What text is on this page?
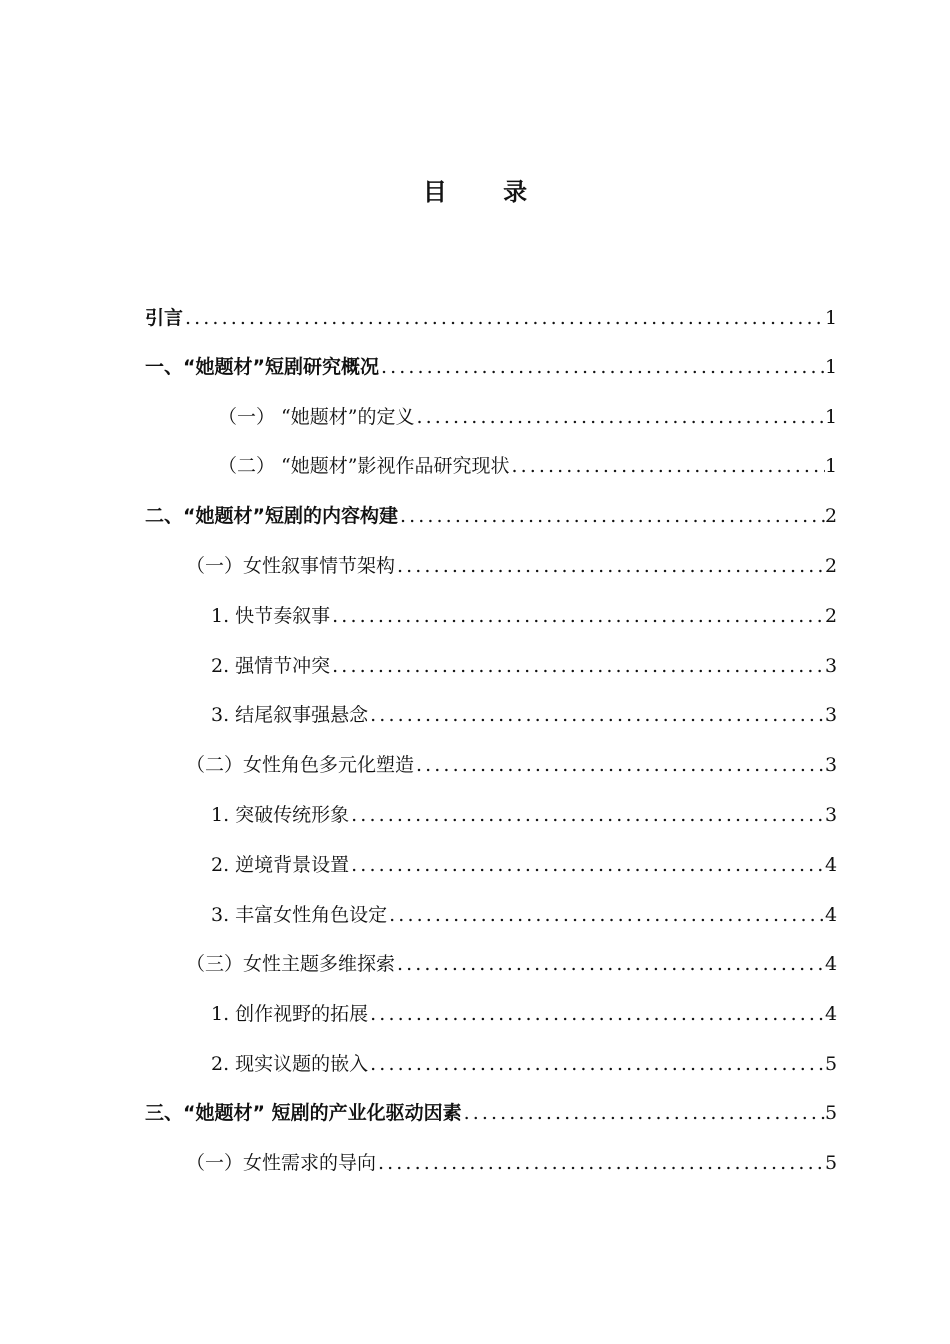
目 录
引言 .....	1
一、“她题材”短剧研究概况 .....	1
（一） “她题材”的定义 .....	1
（二） “她题材”影视作品研究现状 .....	1
二、“她题材”短剧的内容构建 .....	2
（一）女性叙事情节架构 .....	2
1. 快节奏叙事 .....	2
2. 强情节冲突 .....	3
3. 结尾叙事强悬念 .....	3
（二）女性角色多元化塑造 .....	3
1. 突破传统形象 .....	3
2. 逆境背景设置 .....	4
3. 丰富女性角色设定 .....	4
（三）女性主题多维探索 .....	4
1. 创作视野的拓展 .....	4
2. 现实议题的嵌入 .....	5
三、“她题材” 短剧的产业化驱动因素 .....	5
（一）女性需求的导向 .....	5
